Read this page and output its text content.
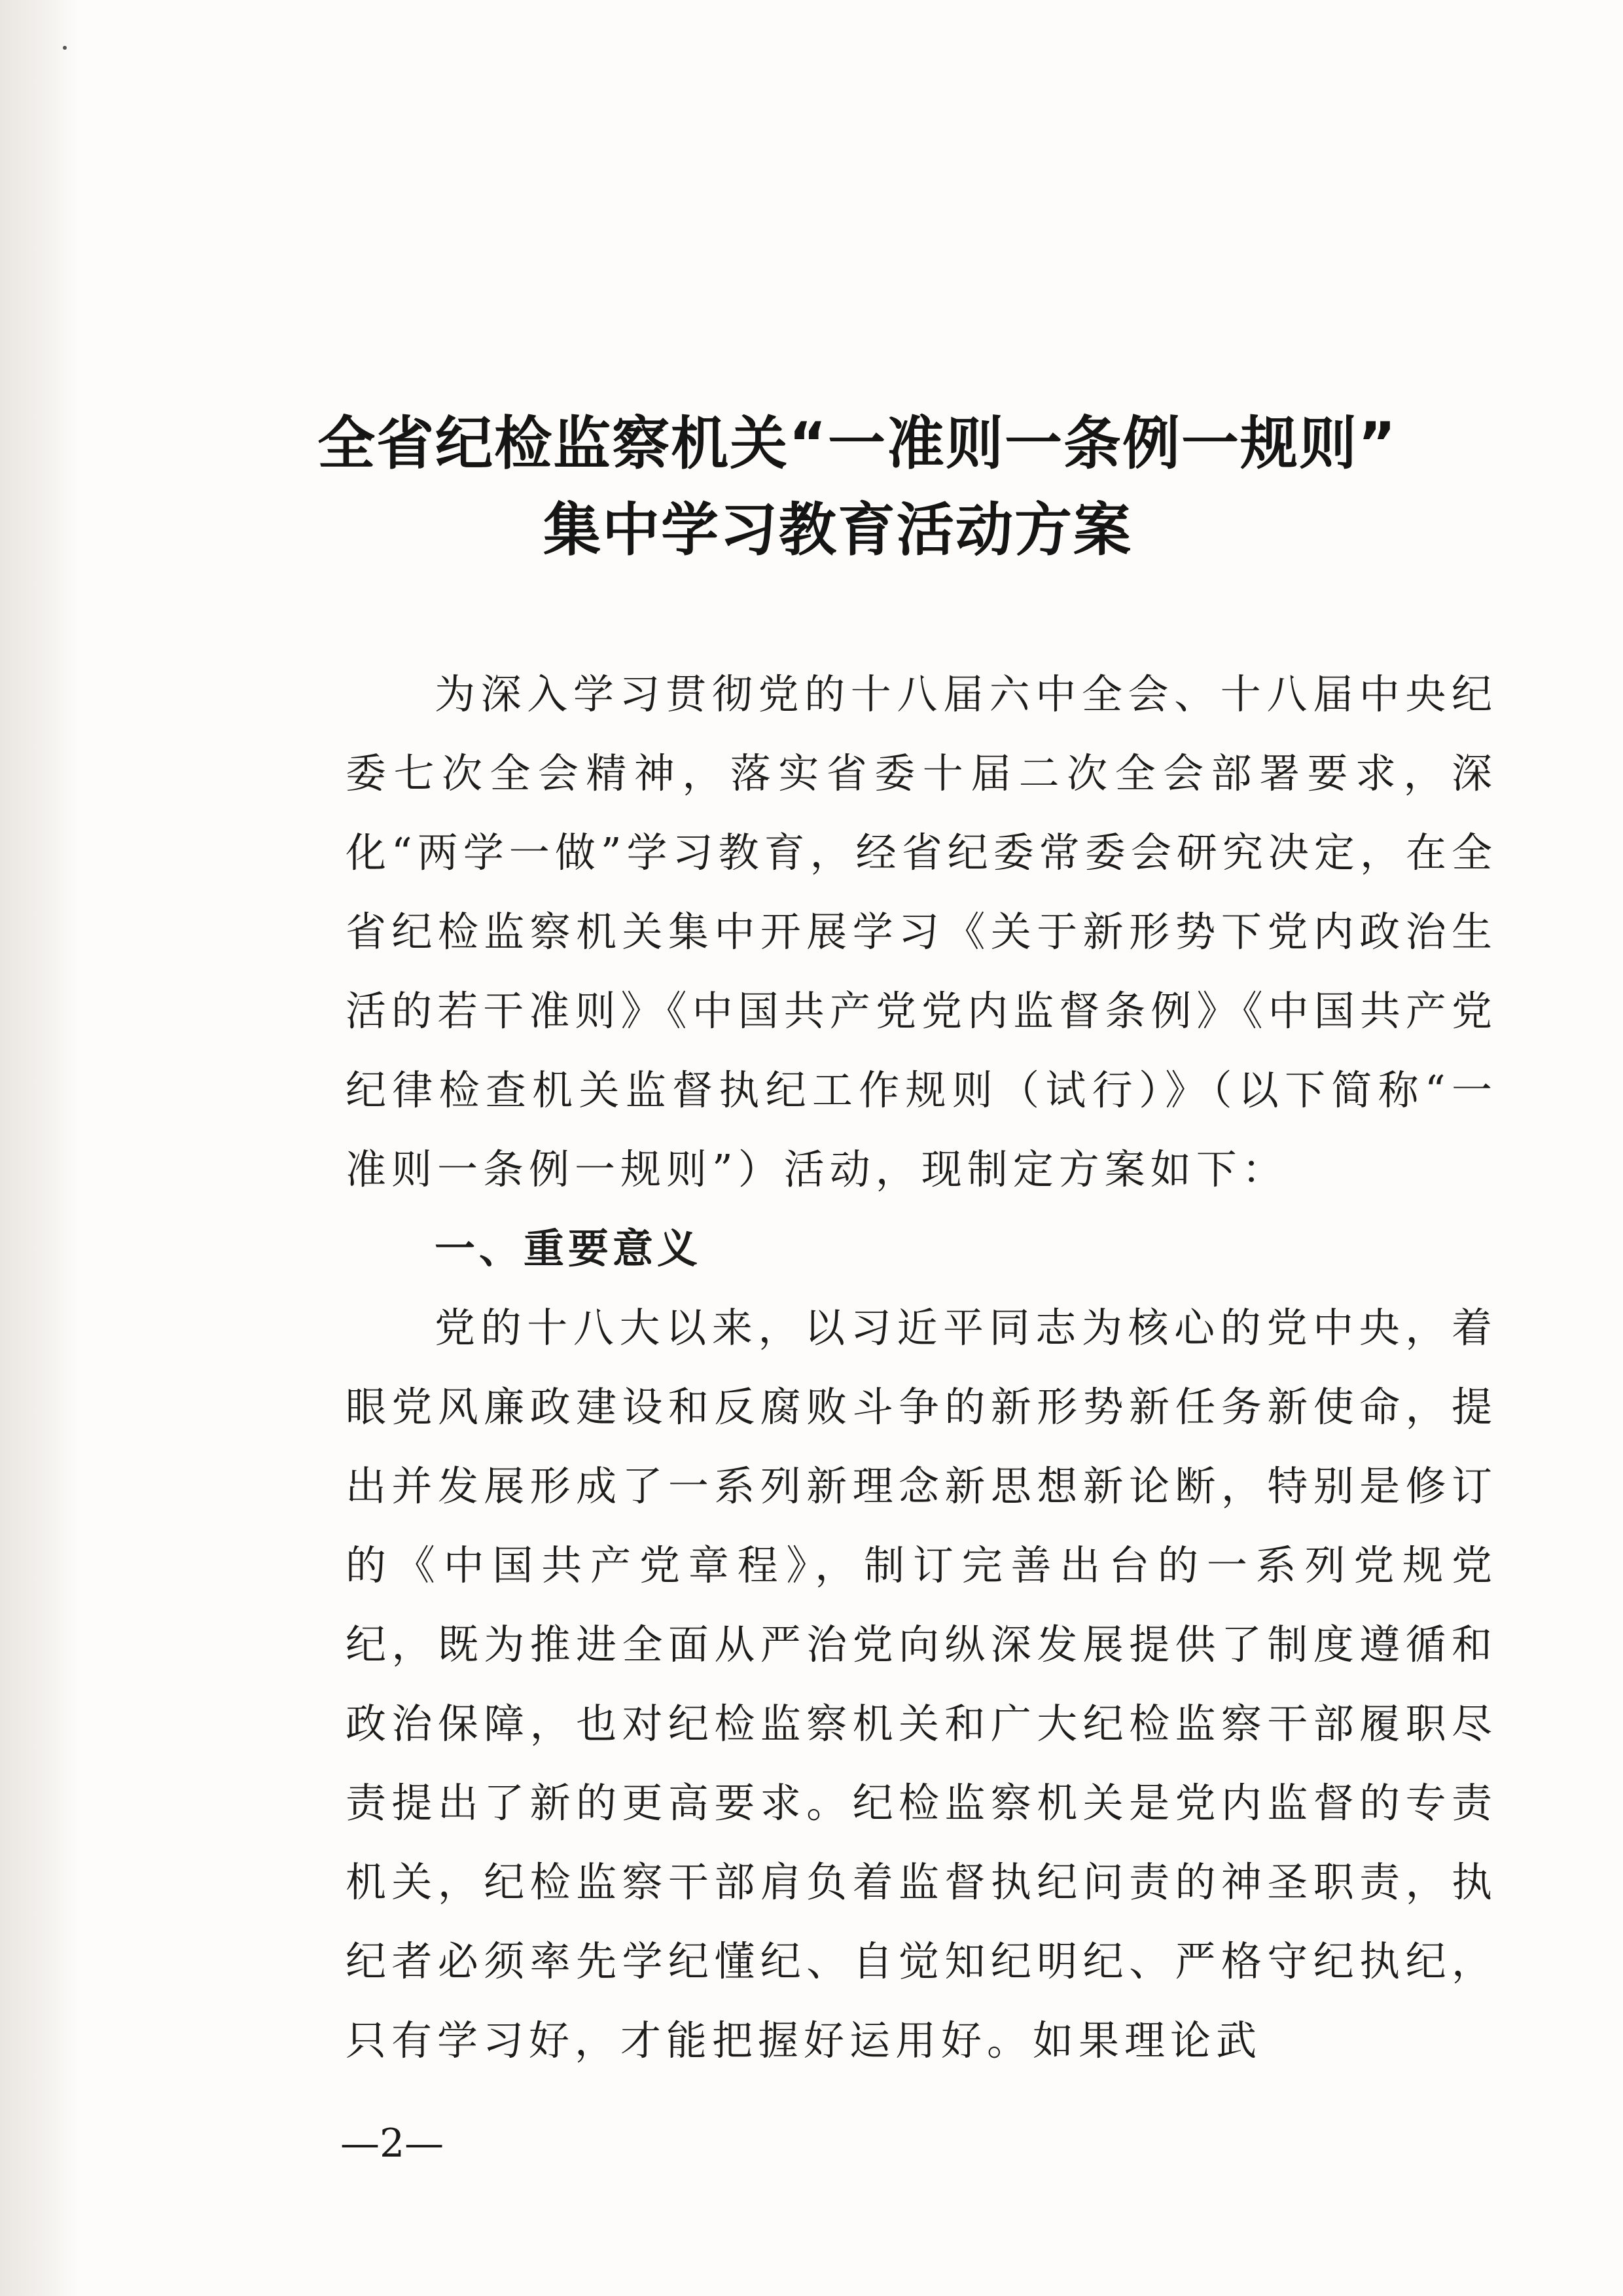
全省纪检监察机关“一准则一条例一规则”
集中学习教育活动方案

为深入学习贯彻党的十八届六中全会、十八届中央纪委七次全会精神，落实省委十届二次全会部署要求，深化“两学一做”学习教育，经省纪委常委会研究决定，在全省纪检监察机关集中开展学习《关于新形势下党内政治生活的若干准则》《中国共产党党内监督条例》《中国共产党纪律检查机关监督执纪工作规则（试行）》（以下简称“一准则一条例一规则”）活动，现制定方案如下：

一、重要意义

党的十八大以来，以习近平同志为核心的党中央，着眼党风廉政建设和反腐败斗争的新形势新任务新使命，提出并发展形成了一系列新理念新思想新论断，特别是修订的《中国共产党章程》，制订完善出台的一系列党规党纪，既为推进全面从严治党向纵深发展提供了制度遵循和政治保障，也对纪检监察机关和广大纪检监察干部履职尽责提出了新的更高要求。纪检监察机关是党内监督的专责机关，纪检监察干部肩负着监督执纪问责的神圣职责，执纪者必须率先学纪懂纪、自觉知纪明纪、严格守纪执纪，只有学习好，才能把握好运用好。如果理论武

—2—
